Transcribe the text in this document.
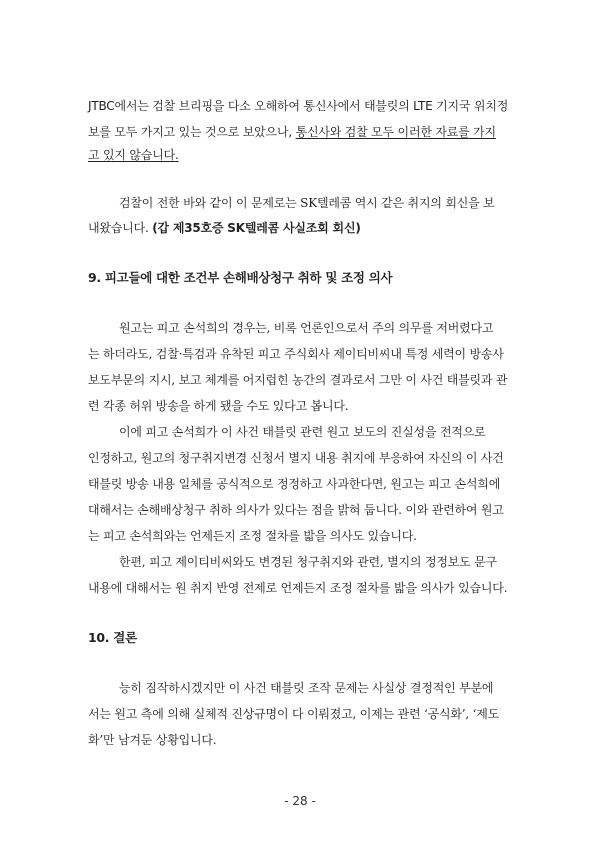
JTBC에서는 검찰 브리핑을 다소 오해하여 통신사에서 태블릿의 LTE 기지국 위치정
보를 모두 가지고 있는 것으로 보았으나, 통신사와 검찰 모두 이러한 자료를 가지
고 있지 않습니다.
검찰이 전한 바와 같이 이 문제로는 SK텔레콤 역시 같은 취지의 회신을 보
내왔습니다. (갑 제35호증 SK텔레콤 사실조회 회신)
9. 피고들에 대한 조건부 손해배상청구 취하 및 조정 의사
원고는 피고 손석희의 경우는, 비록 언론인으로서 주의 의무를 저버렸다고
는 하더라도, 검찰·특검과 유착된 피고 주식회사 제이티비씨내 특정 세력이 방송사
보도부문의 지시, 보고 체계를 어지럽힌 농간의 결과로서 그만 이 사건 태블릿과 관
련 각종 허위 방송을 하게 됐을 수도 있다고 봅니다.
이에 피고 손석희가 이 사건 태블릿 관련 원고 보도의 진실성을 전적으로
인정하고, 원고의 청구취지변경 신청서 별지 내용 취지에 부응하여 자신의 이 사건
태블릿 방송 내용 일체를 공식적으로 정정하고 사과한다면, 원고는 피고 손석희에
대해서는 손해배상청구 취하 의사가 있다는 점을 밝혀 둡니다. 이와 관련하여 원고
는 피고 손석희와는 언제든지 조정 절차를 밟을 의사도 있습니다.
한편, 피고 제이티비씨와도 변경된 청구취지와 관련, 별지의 정정보도 문구
내용에 대해서는 원 취지 반영 전제로 언제든지 조정 절차를 밟을 의사가 있습니다.
10. 결론
능히 짐작하시겠지만 이 사건 태블릿 조작 문제는 사실상 결정적인 부분에
서는 원고 측에 의해 실체적 진상규명이 다 이뤄졌고, 이제는 관련 ‘공식화’, ‘제도
화’만 남겨둔 상황입니다.
- 28 -
